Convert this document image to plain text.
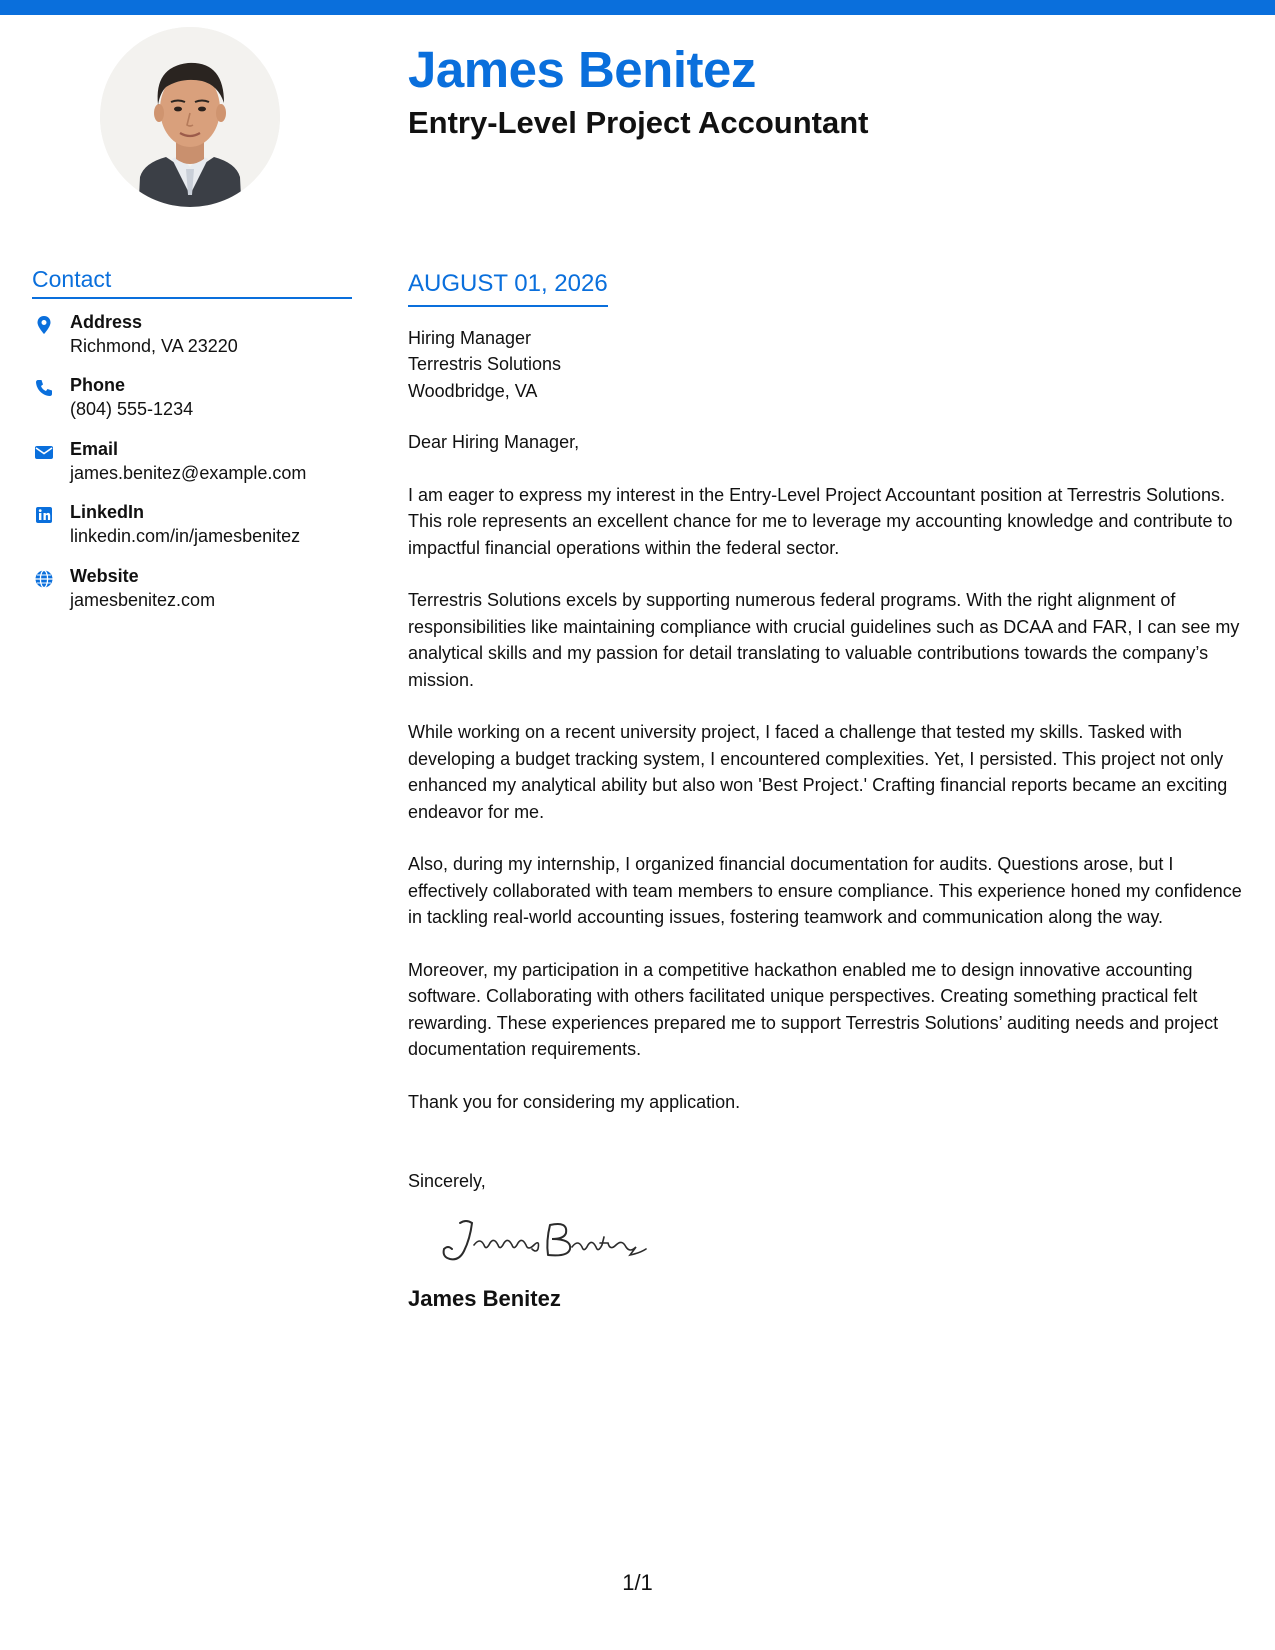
James Benitez
Entry-Level Project Accountant
Contact
Address
Richmond, VA 23220
Phone
(804) 555-1234
Email
james.benitez@example.com
LinkedIn
linkedin.com/in/jamesbenitez
Website
jamesbenitez.com
AUGUST 01, 2026
Hiring Manager
Terrestris Solutions
Woodbridge, VA
Dear Hiring Manager,

I am eager to express my interest in the Entry-Level Project Accountant position at Terrestris Solutions. This role represents an excellent chance for me to leverage my accounting knowledge and contribute to impactful financial operations within the federal sector.

Terrestris Solutions excels by supporting numerous federal programs. With the right alignment of responsibilities like maintaining compliance with crucial guidelines such as DCAA and FAR, I can see my analytical skills and my passion for detail translating to valuable contributions towards the company’s mission.

While working on a recent university project, I faced a challenge that tested my skills. Tasked with developing a budget tracking system, I encountered complexities. Yet, I persisted. This project not only enhanced my analytical ability but also won 'Best Project.' Crafting financial reports became an exciting endeavor for me.

Also, during my internship, I organized financial documentation for audits. Questions arose, but I effectively collaborated with team members to ensure compliance. This experience honed my confidence in tackling real-world accounting issues, fostering teamwork and communication along the way.

Moreover, my participation in a competitive hackathon enabled me to design innovative accounting software. Collaborating with others facilitated unique perspectives. Creating something practical felt rewarding. These experiences prepared me to support Terrestris Solutions’ auditing needs and project documentation requirements.

Thank you for considering my application.

Sincerely,
James Benitez
1/1
